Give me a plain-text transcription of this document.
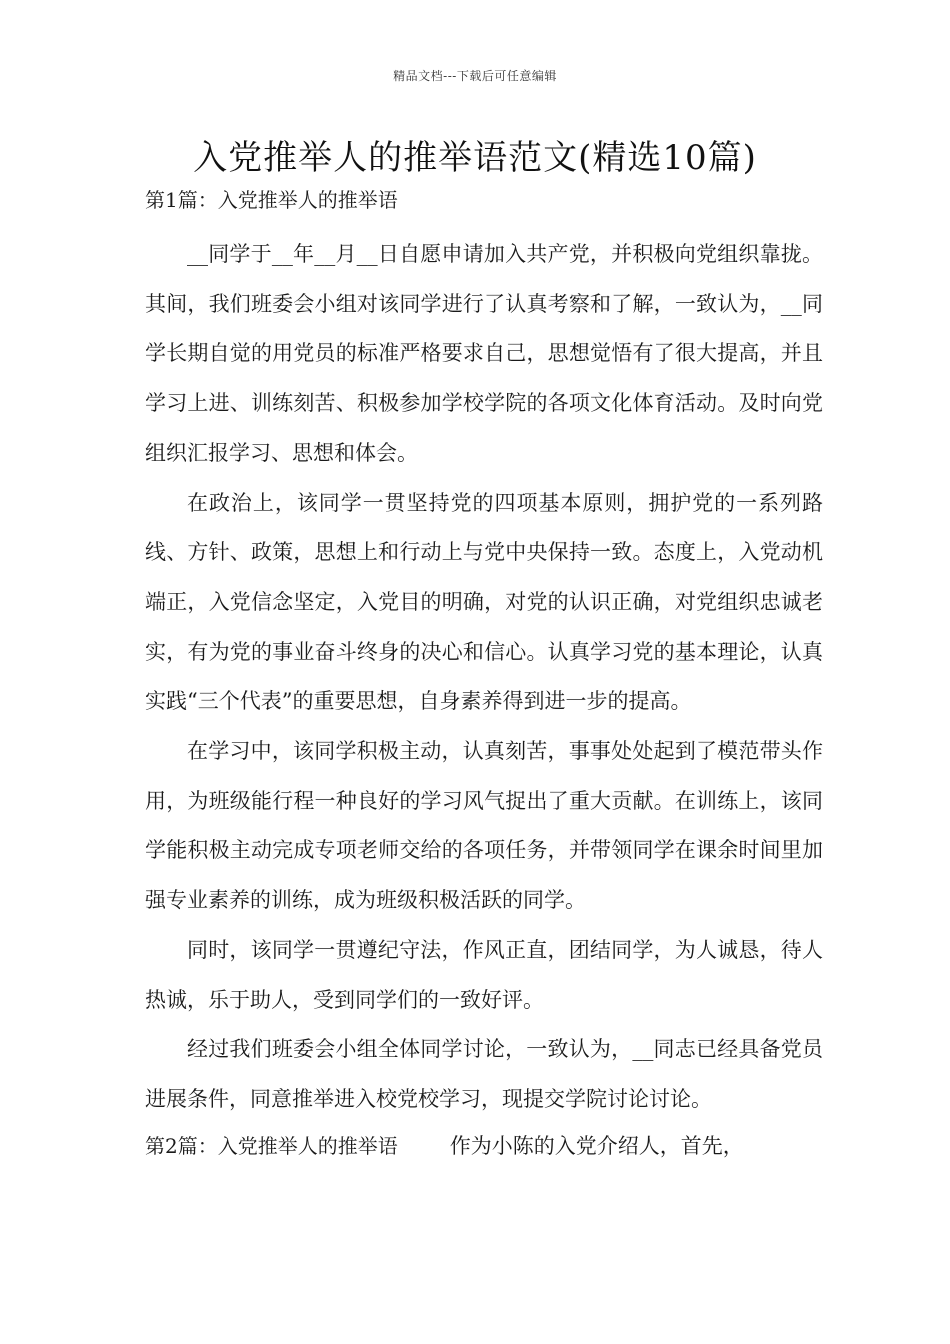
精品文档---下载后可任意编辑
入党推举人的推举语范文(精选10篇)
第1篇：入党推举人的推举语

__同学于__年__月__日自愿申请加入共产党，并积极向党组织靠拢。其间，我们班委会小组对该同学进行了认真考察和了解，一致认为，__同学长期自觉的用党员的标准严格要求自己，思想觉悟有了很大提高，并且学习上进、训练刻苦、积极参加学校学院的各项文化体育活动。及时向党组织汇报学习、思想和体会。

在政治上，该同学一贯坚持党的四项基本原则，拥护党的一系列路线、方针、政策，思想上和行动上与党中央保持一致。态度上，入党动机端正，入党信念坚定，入党目的明确，对党的认识正确，对党组织忠诚老实，有为党的事业奋斗终身的决心和信心。认真学习党的基本理论，认真实践“三个代表”的重要思想，自身素养得到进一步的提高。

在学习中，该同学积极主动，认真刻苦，事事处处起到了模范带头作用，为班级能行程一种良好的学习风气捉出了重大贡献。在训练上，该同学能积极主动完成专项老师交给的各项任务，并带领同学在课余时间里加强专业素养的训练，成为班级积极活跃的同学。

同时，该同学一贯遵纪守法，作风正直，团结同学，为人诚恳，待人热诚，乐于助人，受到同学们的一致好评。

经过我们班委会小组全体同学讨论，一致认为，__同志已经具备党员进展条件，同意推举进入校党校学习，现提交学院讨论讨论。

第2篇：入党推举人的推举语 作为小陈的入党介绍人，首先，
